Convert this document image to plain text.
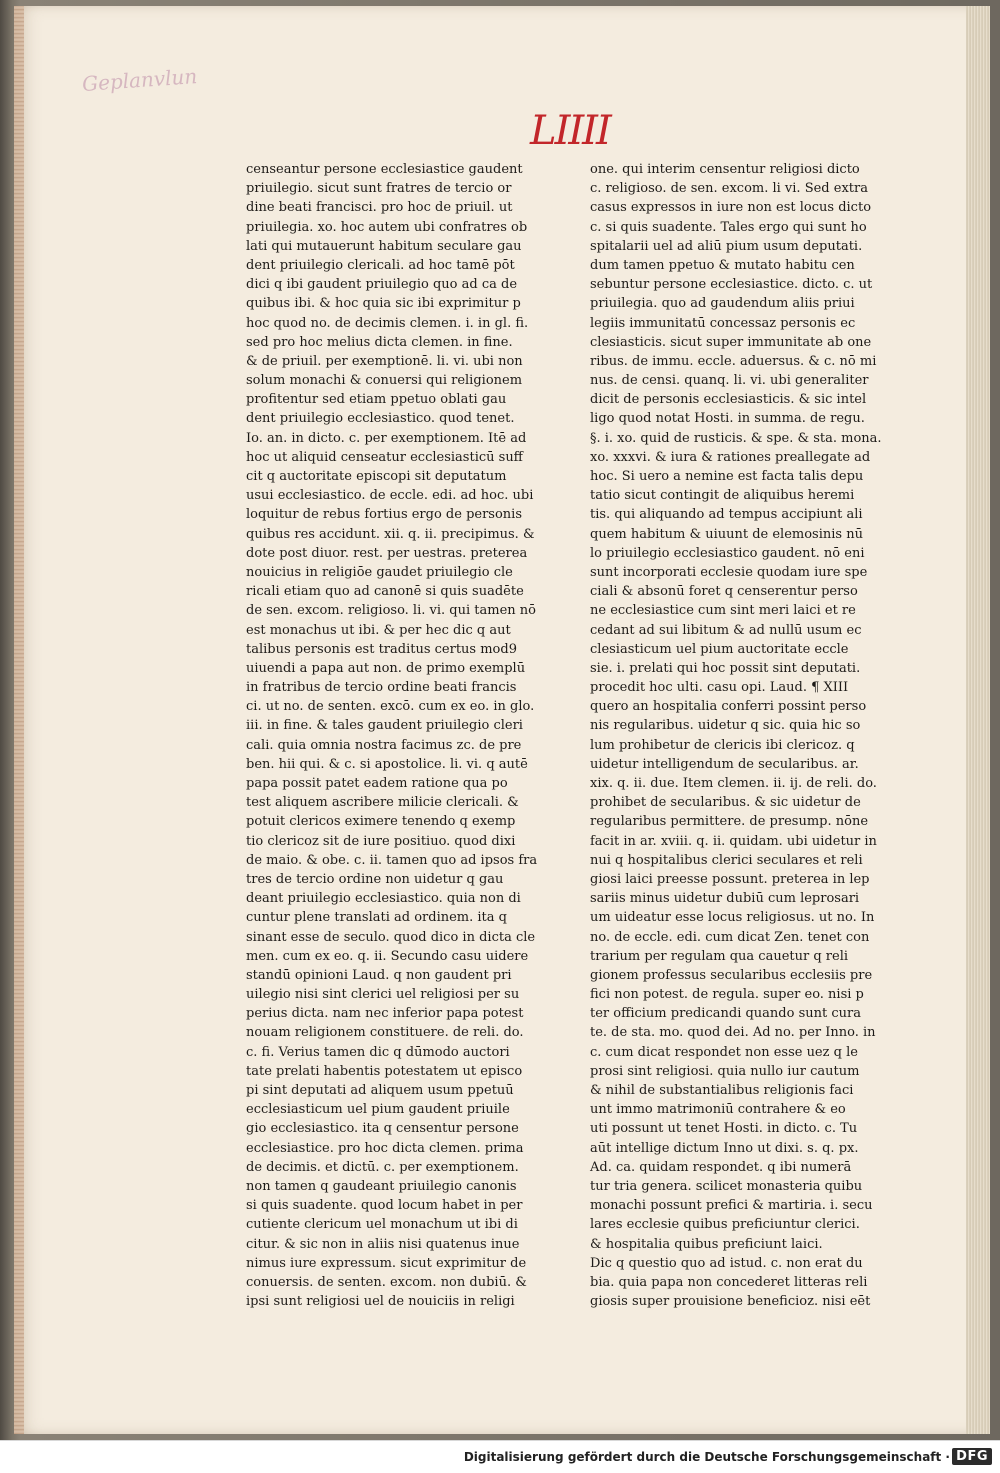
Geplanvlun
LIIII
censeantur persone ecclesiastice gaudent
priuilegio. sicut sunt fratres de tercio or
dine beati francisci. pro hoc de priuil. ut
priuilegia. xo. hoc autem ubi confratres ob
lati qui mutauerunt habitum seculare gau
dent priuilegio clericali. ad hoc tamē pōt
dici q ibi gaudent priuilegio quo ad ca de
quibus ibi. & hoc quia sic ibi exprimitur p
hoc quod no. de decimis clemen. i. in gl. fi.
sed pro hoc melius dicta clemen. in fine.
& de priuil. per exemptionē. li. vi. ubi non
solum monachi & conuersi qui religionem
profitentur sed etiam ppetuo oblati gau
dent priuilegio ecclesiastico. quod tenet.
Io. an. in dicto. c. per exemptionem. Itē ad
hoc ut aliquid censeatur ecclesiasticū suff
cit q auctoritate episcopi sit deputatum
usui ecclesiastico. de eccle. edi. ad hoc. ubi
loquitur de rebus fortius ergo de personis
quibus res accidunt. xii. q. ii. precipimus. &
dote post diuor. rest. per uestras. preterea
nouicius in religiōe gaudet priuilegio cle
ricali etiam quo ad canonē si quis suadēte
de sen. excom. religioso. li. vi. qui tamen nō
est monachus ut ibi. & per hec dic q aut
talibus personis est traditus certus mod9
uiuendi a papa aut non. de primo exemplū
in fratribus de tercio ordine beati francis
ci. ut no. de senten. excō. cum ex eo. in glo.
iii. in fine. & tales gaudent priuilegio cleri
cali. quia omnia nostra facimus zc. de pre
ben. hii qui. & c. si apostolice. li. vi. q autē
papa possit patet eadem ratione qua po
test aliquem ascribere milicie clericali. &
potuit clericos eximere tenendo q exemp
tio clericoz sit de iure positiuo. quod dixi
de maio. & obe. c. ii. tamen quo ad ipsos fra
tres de tercio ordine non uidetur q gau
deant priuilegio ecclesiastico. quia non di
cuntur plene translati ad ordinem. ita q
sinant esse de seculo. quod dico in dicta cle
men. cum ex eo. q. ii. Secundo casu uidere
standū opinioni Laud. q non gaudent pri
uilegio nisi sint clerici uel religiosi per su
perius dicta. nam nec inferior papa potest
nouam religionem constituere. de reli. do.
c. fi. Verius tamen dic q dūmodo auctori
tate prelati habentis potestatem ut episco
pi sint deputati ad aliquem usum ppetuū
ecclesiasticum uel pium gaudent priuile
gio ecclesiastico. ita q censentur persone
ecclesiastice. pro hoc dicta clemen. prima
de decimis. et dictū. c. per exemptionem.
non tamen q gaudeant priuilegio canonis
si quis suadente. quod locum habet in per
cutiente clericum uel monachum ut ibi di
citur. & sic non in aliis nisi quatenus inue
nimus iure expressum. sicut exprimitur de
conuersis. de senten. excom. non dubiū. &
ipsi sunt religiosi uel de nouiciis in religi
one. qui interim censentur religiosi dicto
c. religioso. de sen. excom. li vi. Sed extra
casus expressos in iure non est locus dicto
c. si quis suadente. Tales ergo qui sunt ho
spitalarii uel ad aliū pium usum deputati.
dum tamen ppetuo & mutato habitu cen
sebuntur persone ecclesiastice. dicto. c. ut
priuilegia. quo ad gaudendum aliis priui
legiis immunitatū concessaz personis ec
clesiasticis. sicut super immunitate ab one
ribus. de immu. eccle. aduersus. & c. nō mi
nus. de censi. quanq. li. vi. ubi generaliter
dicit de personis ecclesiasticis. & sic intel
ligo quod notat Hosti. in summa. de regu.
§. i. xo. quid de rusticis. & spe. & sta. mona.
xo. xxxvi. & iura & rationes preallegate ad
hoc. Si uero a nemine est facta talis depu
tatio sicut contingit de aliquibus heremi
tis. qui aliquando ad tempus accipiunt ali
quem habitum & uiuunt de elemosinis nū
lo priuilegio ecclesiastico gaudent. nō eni
sunt incorporati ecclesie quodam iure spe
ciali & absonū foret q censerentur perso
ne ecclesiastice cum sint meri laici et re
cedant ad sui libitum & ad nullū usum ec
clesiasticum uel pium auctoritate eccle
sie. i. prelati qui hoc possit sint deputati.
procedit hoc ulti. casu opi. Laud. ¶ XIII
quero an hospitalia conferri possint perso
nis regularibus. uidetur q sic. quia hic so
lum prohibetur de clericis ibi clericoz. q
uidetur intelligendum de secularibus. ar.
xix. q. ii. due. Item clemen. ii. ij. de reli. do.
prohibet de secularibus. & sic uidetur de
regularibus permittere. de presump. nōne
facit in ar. xviii. q. ii. quidam. ubi uidetur in
nui q hospitalibus clerici seculares et reli
giosi laici preesse possunt. preterea in lep
sariis minus uidetur dubiū cum leprosari
um uideatur esse locus religiosus. ut no. In
no. de eccle. edi. cum dicat Zen. tenet con
trarium per regulam qua cauetur q reli
gionem professus secularibus ecclesiis pre
fici non potest. de regula. super eo. nisi p
ter officium predicandi quando sunt cura
te. de sta. mo. quod dei. Ad no. per Inno. in
c. cum dicat respondet non esse uez q le
prosi sint religiosi. quia nullo iur cautum
& nihil de substantialibus religionis faci
unt immo matrimoniū contrahere & eo
uti possunt ut tenet Hosti. in dicto. c. Tu
aūt intellige dictum Inno ut dixi. s. q. px.
Ad. ca. quidam respondet. q ibi numerā
tur tria genera. scilicet monasteria quibu
monachi possunt prefici & martiria. i. secu
lares ecclesie quibus preficiuntur clerici.
& hospitalia quibus preficiunt laici.
Dic q questio quo ad istud. c. non erat du
bia. quia papa non concederet litteras reli
giosis super prouisione beneficioz. nisi eēt
Digitalisierung gefördert durch die Deutsche Forschungsgemeinschaft · DFG
